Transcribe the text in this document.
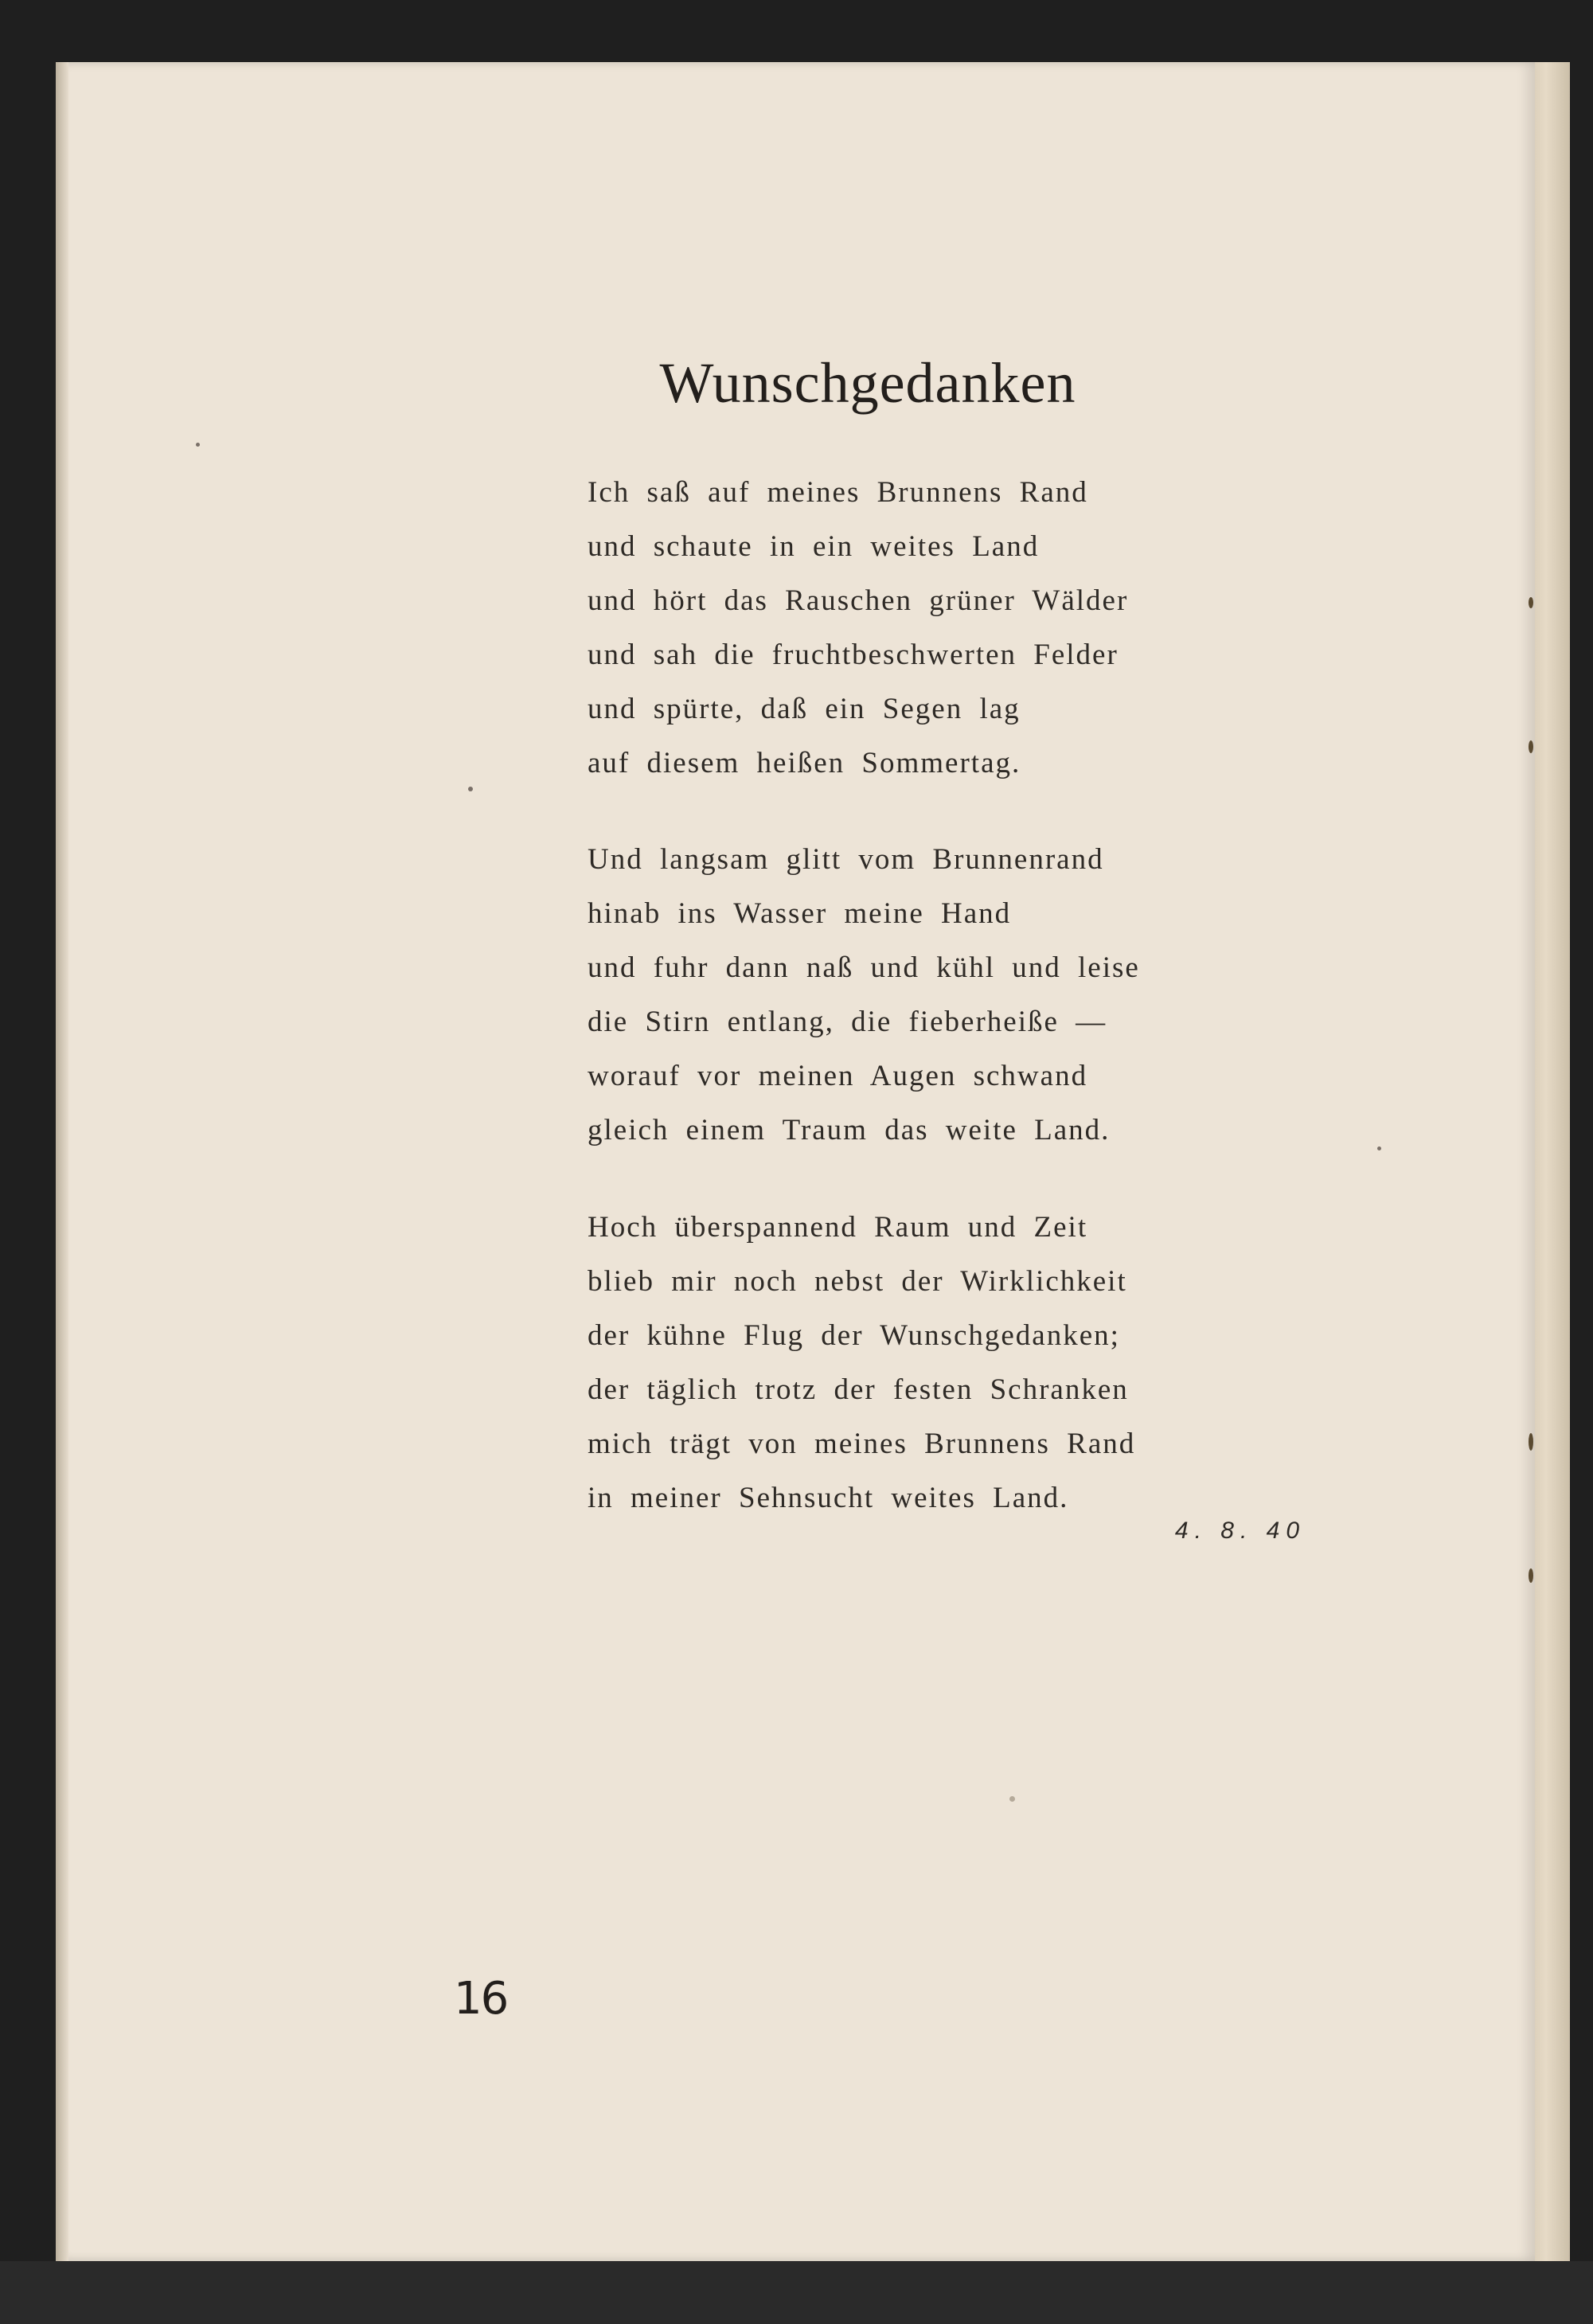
Wunschgedanken
Ich saß auf meines Brunnens Rand
und schaute in ein weites Land
und hört das Rauschen grüner Wälder
und sah die fruchtbeschwerten Felder
und spürte, daß ein Segen lag
auf diesem heißen Sommertag.
Und langsam glitt vom Brunnenrand
hinab ins Wasser meine Hand
und fuhr dann naß und kühl und leise
die Stirn entlang, die fieberheiße —
worauf vor meinen Augen schwand
gleich einem Traum das weite Land.
Hoch überspannend Raum und Zeit
blieb mir noch nebst der Wirklichkeit
der kühne Flug der Wunschgedanken;
der täglich trotz der festen Schranken
mich trägt von meines Brunnens Rand
in meiner Sehnsucht weites Land.
4. 8. 40
16
